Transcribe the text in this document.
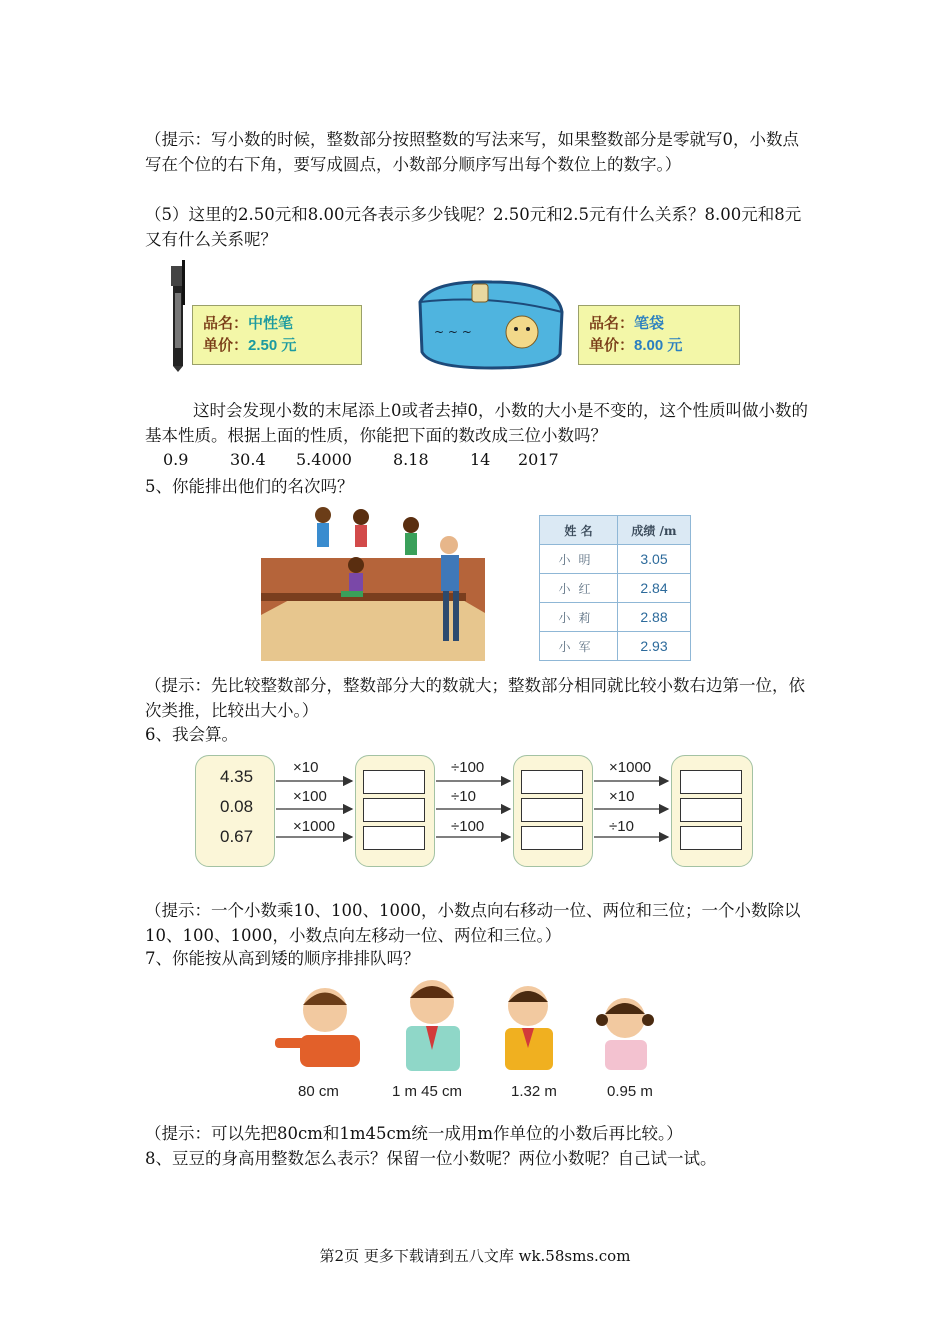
（提示：写小数的时候，整数部分按照整数的写法来写，如果整数部分是零就写0，小数点写在个位的右下角，要写成圆点，小数部分顺序写出每个数位上的数字。）
（5）这里的2.50元和8.00元各表示多少钱呢？2.50元和2.5元有什么关系？8.00元和8元又有什么关系呢？
品名：中性笔
单价：2.50 元
~ ~ ~	品名：笔袋
单价：8.00 元
这时会发现小数的末尾添上0或者去掉0，小数的大小是不变的，这个性质叫做小数的基本性质。根据上面的性质，你能把下面的数改成三位小数吗？
0.9	30.4 5.4000	8.18	14 2017
5、你能排出他们的名次吗？
姓 名	成绩 /m
小明	3.05
小红	2.84
小莉	2.88
小军	2.93
（提示：先比较整数部分，整数部分大的数就大；整数部分相同就比较小数右边第一位，依次类推，比较出大小。）
6、我会算。
4.35
0.08
0.67
×10
×100
×1000
÷100
÷10
÷100
×1000
×10
÷10
（提示：一个小数乘10、100、1000，小数点向右移动一位、两位和三位；一个小数除以10、100、1000，小数点向左移动一位、两位和三位。）
7、你能按从高到矮的顺序排排队吗？
80 cm	1 m 45 cm	1.32 m	0.95 m
（提示：可以先把80cm和1m45cm统一成用m作单位的小数后再比较。）
8、豆豆的身高用整数怎么表示？保留一位小数呢？两位小数呢？自己试一试。
第2页 更多下载请到五八文库 wk.58sms.com
